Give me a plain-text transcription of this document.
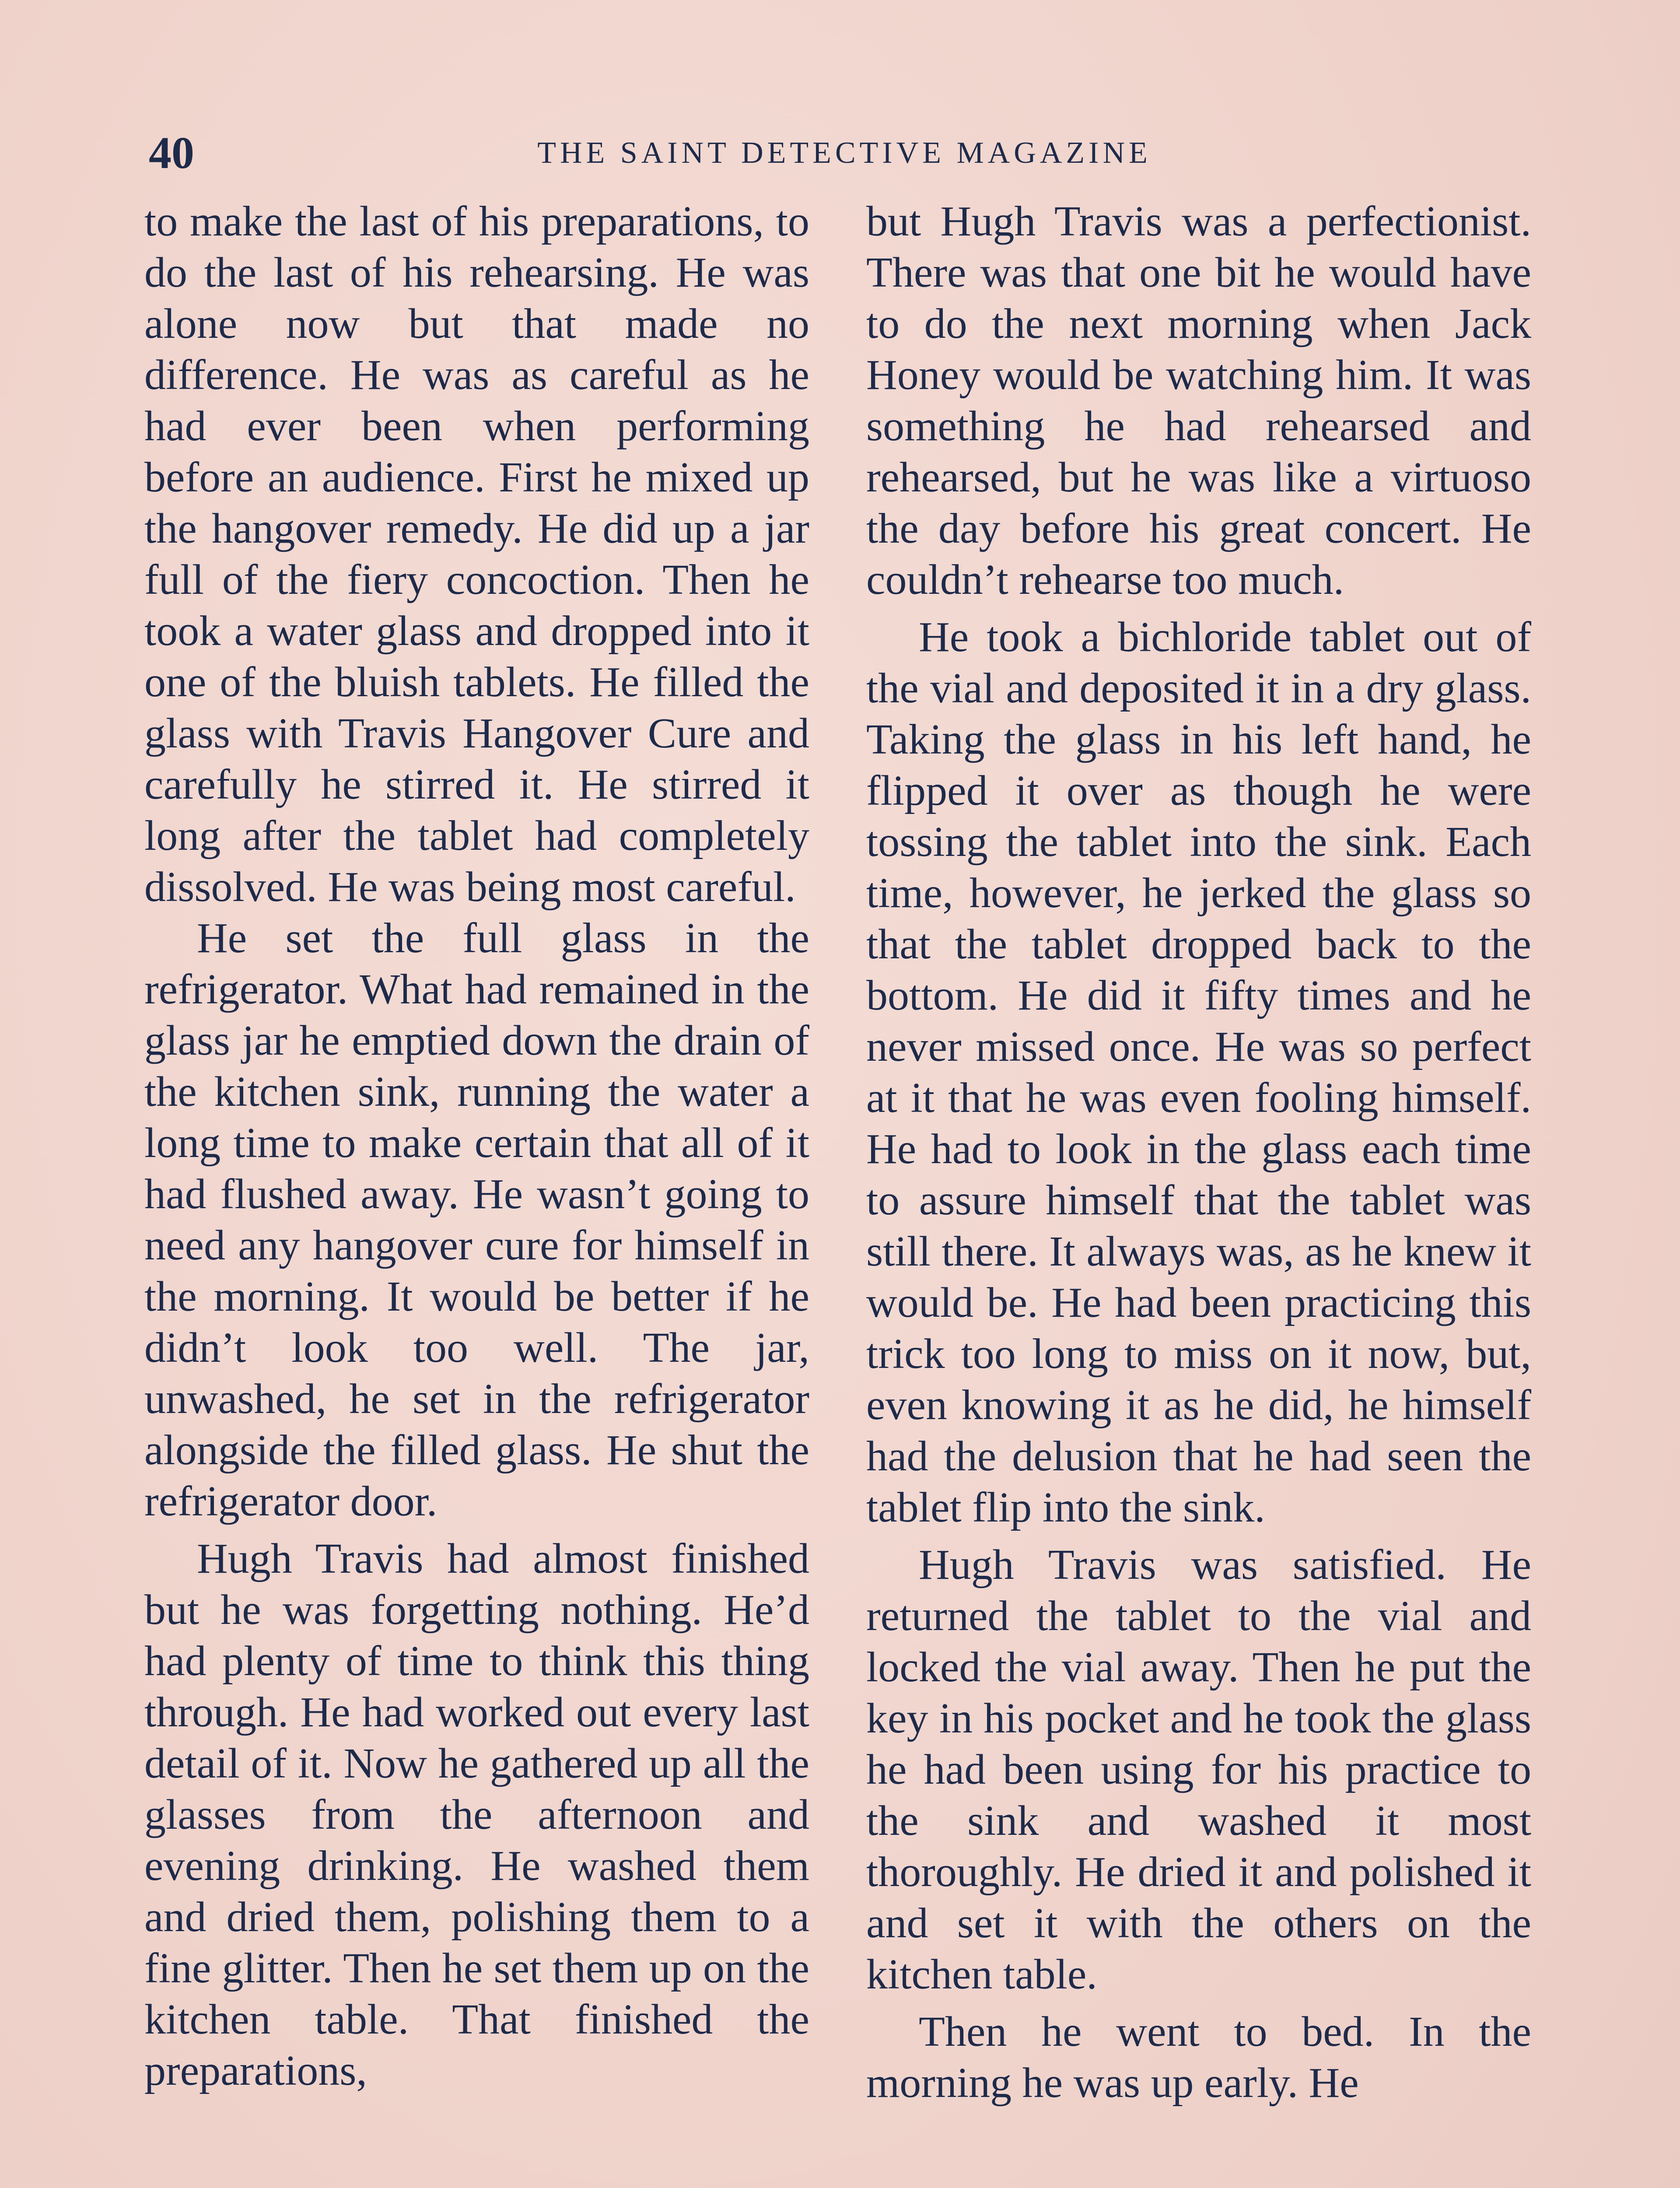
40	THE SAINT DETECTIVE MAGAZINE

to make the last of his preparations, to do the last of his rehearsing. He was alone now but that made no difference. He was as careful as he had ever been when performing before an audience. First he mixed up the hangover remedy. He did up a jar full of the fiery concoction. Then he took a water glass and dropped into it one of the bluish tablets. He filled the glass with Travis Hangover Cure and carefully he stirred it. He stirred it long after the tablet had completely dissolved. He was being most careful.

He set the full glass in the refrigerator. What had remained in the glass jar he emptied down the drain of the kitchen sink, running the water a long time to make certain that all of it had flushed away. He wasn’t going to need any hangover cure for himself in the morning. It would be better if he didn’t look too well. The jar, unwashed, he set in the refrigerator alongside the filled glass. He shut the refrigerator door.

Hugh Travis had almost finished but he was forgetting nothing. He’d had plenty of time to think this thing through. He had worked out every last detail of it. Now he gathered up all the glasses from the afternoon and evening drinking. He washed them and dried them, polishing them to a fine glitter. Then he set them up on the kitchen table. That finished the preparations,

but Hugh Travis was a perfectionist. There was that one bit he would have to do the next morning when Jack Honey would be watching him. It was something he had rehearsed and rehearsed, but he was like a virtuoso the day before his great concert. He couldn’t rehearse too much.

He took a bichloride tablet out of the vial and deposited it in a dry glass. Taking the glass in his left hand, he flipped it over as though he were tossing the tablet into the sink. Each time, however, he jerked the glass so that the tablet dropped back to the bottom. He did it fifty times and he never missed once. He was so perfect at it that he was even fooling himself. He had to look in the glass each time to assure himself that the tablet was still there. It always was, as he knew it would be. He had been practicing this trick too long to miss on it now, but, even knowing it as he did, he himself had the delusion that he had seen the tablet flip into the sink.

Hugh Travis was satisfied. He returned the tablet to the vial and locked the vial away. Then he put the key in his pocket and he took the glass he had been using for his practice to the sink and washed it most thoroughly. He dried it and polished it and set it with the others on the kitchen table.

Then he went to bed. In the morning he was up early. He
